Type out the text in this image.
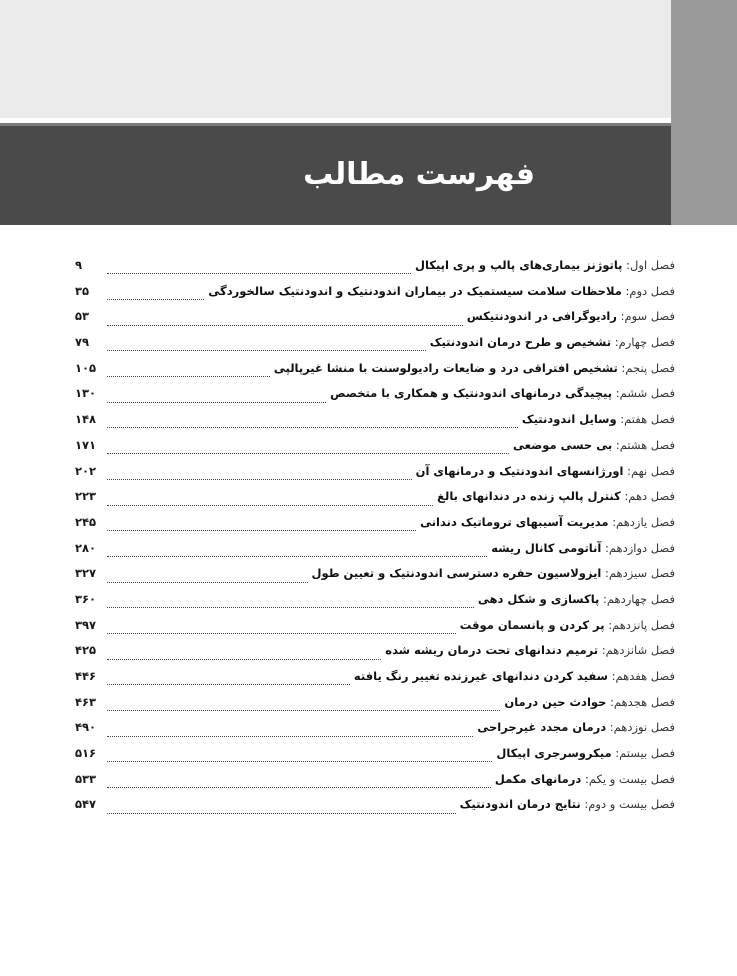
فهرست مطالب
فصل اول: پاتوژنز بیماری‌های پالپ و پری اپیکال
۹
فصل دوم: ملاحظات سلامت سیستمیک در بیماران اندودنتیک و اندودنتیک سالخوردگی
۳۵
فصل سوم: رادیوگرافی در اندودنتیکس
۵۳
فصل چهارم: تشخیص و طرح درمان اندودنتیک
۷۹
فصل پنجم: تشخیص افتراقی درد و ضایعات رادیولوسنت با منشا غیرپالپی
۱۰۵
فصل ششم: پیچیدگی درمانهای اندودنتیک و همکاری با متخصص
۱۳۰
فصل هفتم: وسایل اندودنتیک
۱۴۸
فصل هشتم: بی حسی موضعی
۱۷۱
فصل نهم: اورژانسهای اندودنتیک و درمانهای آن
۲۰۲
فصل دهم: کنترل پالپ زنده در دندانهای بالغ
۲۲۳
فصل یازدهم: مدیریت آسیبهای تروماتیک دندانی
۲۴۵
فصل دوازدهم: آناتومی کانال ریشه
۲۸۰
فصل سیزدهم: ایزولاسیون حفره دسترسی اندودنتیک و تعیین طول
۳۲۷
فصل چهاردهم: پاکسازی و شکل دهی
۳۶۰
فصل پانزدهم: پر کردن و پانسمان موقت
۳۹۷
فصل شانزدهم: ترمیم دندانهای تحت درمان ریشه شده
۴۲۵
فصل هفدهم: سفید کردن دندانهای غیرزنده تغییر رنگ یافته
۴۴۶
فصل هجدهم: حوادث حین درمان
۴۶۳
فصل نوزدهم: درمان مجدد غیرجراحی
۴۹۰
فصل بیستم: میکروسرجری اپیکال
۵۱۶
فصل بیست و یکم: درمانهای مکمل
۵۳۳
فصل بیست و دوم: نتایج درمان اندودنتیک
۵۴۷
